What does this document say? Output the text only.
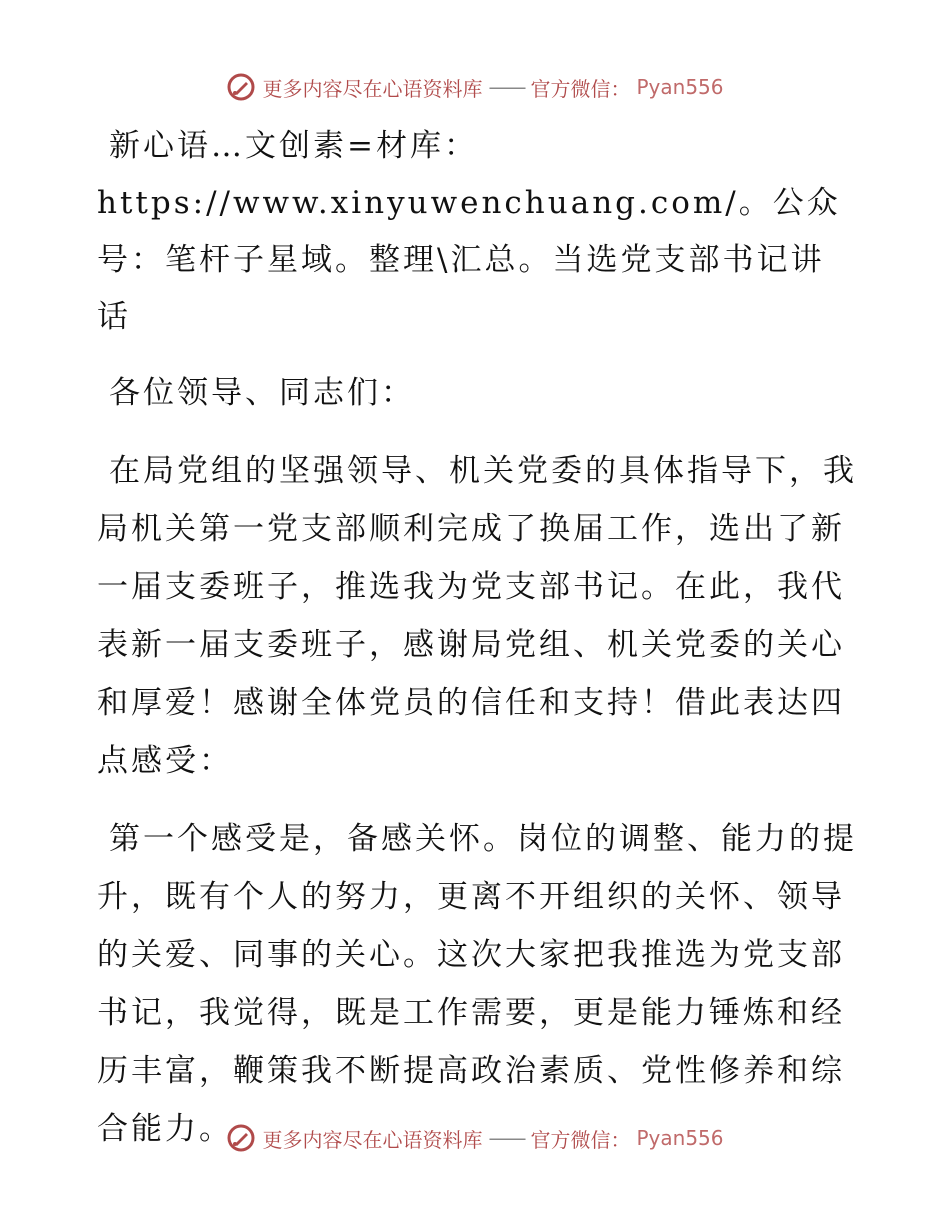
更多内容尽在心语资料库 —— 官方微信： Pyan556

新心语…文创素=材库：https://www.xinyuwenchuang.com/。公众号：笔杆子星域。整理\汇总。当选党支部书记讲话

各位领导、同志们：

在局党组的坚强领导、机关党委的具体指导下，我局机关第一党支部顺利完成了换届工作，选出了新一届支委班子，推选我为党支部书记。在此，我代表新一届支委班子，感谢局党组、机关党委的关心和厚爱！感谢全体党员的信任和支持！借此表达四点感受：

第一个感受是，备感关怀。岗位的调整、能力的提升，既有个人的努力，更离不开组织的关怀、领导的关爱、同事的关心。这次大家把我推选为党支部书记，我觉得，既是工作需要，更是能力锤炼和经历丰富，鞭策我不断提高政治素质、党性修养和综合能力。	更多内容尽在心语资料库 —— 官方微信： Pyan556
